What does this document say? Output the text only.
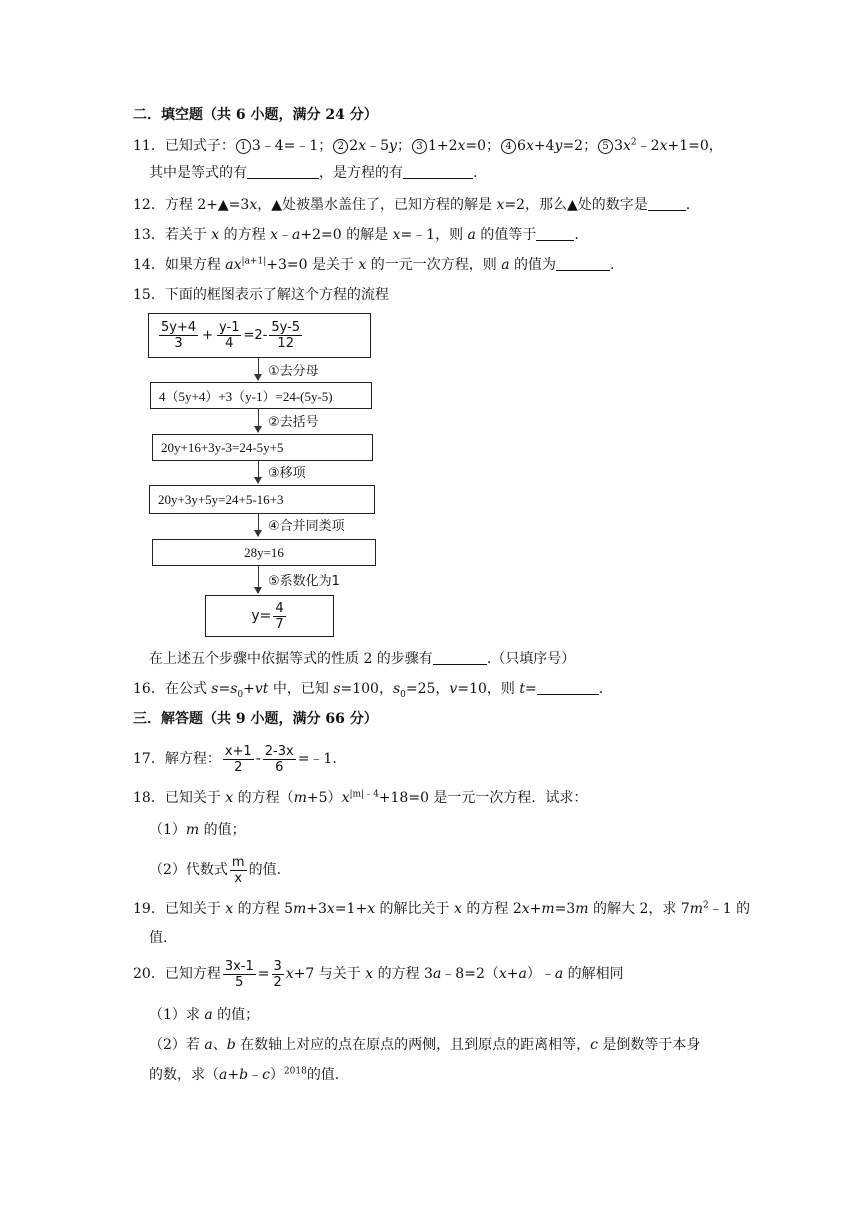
二．填空题（共 6 小题，满分 24 分）
11．已知式子： 1 3﹣4=﹣1； 2 2x﹣5y； 3 1+2x=0； 4 6x+4y=2； 5 $3x^2﹣2x+1=0$，
其中是等式的有	，是方程的有	.
12．方程 2+▲=3x，▲处被墨水盖住了，已知方程的解是 x=2，那么▲处的数字是	.
13．若关于 x 的方程 x﹣a+2=0 的解是 x=﹣1，则 a 的值等于	.
14．如果方程 $ax^{|a+1|}+3=0$ 是关于 x 的一元一次方程，则 a 的值为	.
15．下面的框图表示了解这个方程的流程
$\frac{5y+4}{3} + \frac{y-1}{4} =2- \frac{5y-5}{12}$
①去分母
4（5y+4）+3（y-1）=24-(5y-5)
②去括号
20y+16+3y-3=24-5y+5
③移项
20y+3y+5y=24+5-16+3
④合并同类项
28y=16
⑤系数化为1
$y= \frac{4}{7}$
在上述五个步骤中依据等式的性质 2 的步骤有	.（只填序号）
16．在公式 $s=s_0+vt$ 中，已知 s=100，$s_0=25$，v=10，则 t=	.
三．解答题（共 9 小题，满分 66 分）
17．解方程： $\frac{x+1}{2} - \frac{2-3x}{6}$ =﹣1.
18．已知关于 x 的方程$(m+5)x^{|m|﹣4}+18=0$ 是一元一次方程．试求：
（1）m 的值；
（2）代数式 $\frac{m}{x}$ 的值.
19．已知关于 x 的方程 5m+3x=1+x 的解比关于 x 的方程 2x+m=3m 的解大 2，求 $7m^2﹣1$ 的
值.
20．已知方程 $\frac{3x-1}{5} = \frac{3}{2} x+7$ 与关于 x 的方程 3a﹣8=2（x+a）﹣a 的解相同
（1）求 a 的值；
（2）若 a、b 在数轴上对应的点在原点的两侧，且到原点的距离相等，c 是倒数等于本身
的数，求（a+b﹣c）$^{2018}$的值.
